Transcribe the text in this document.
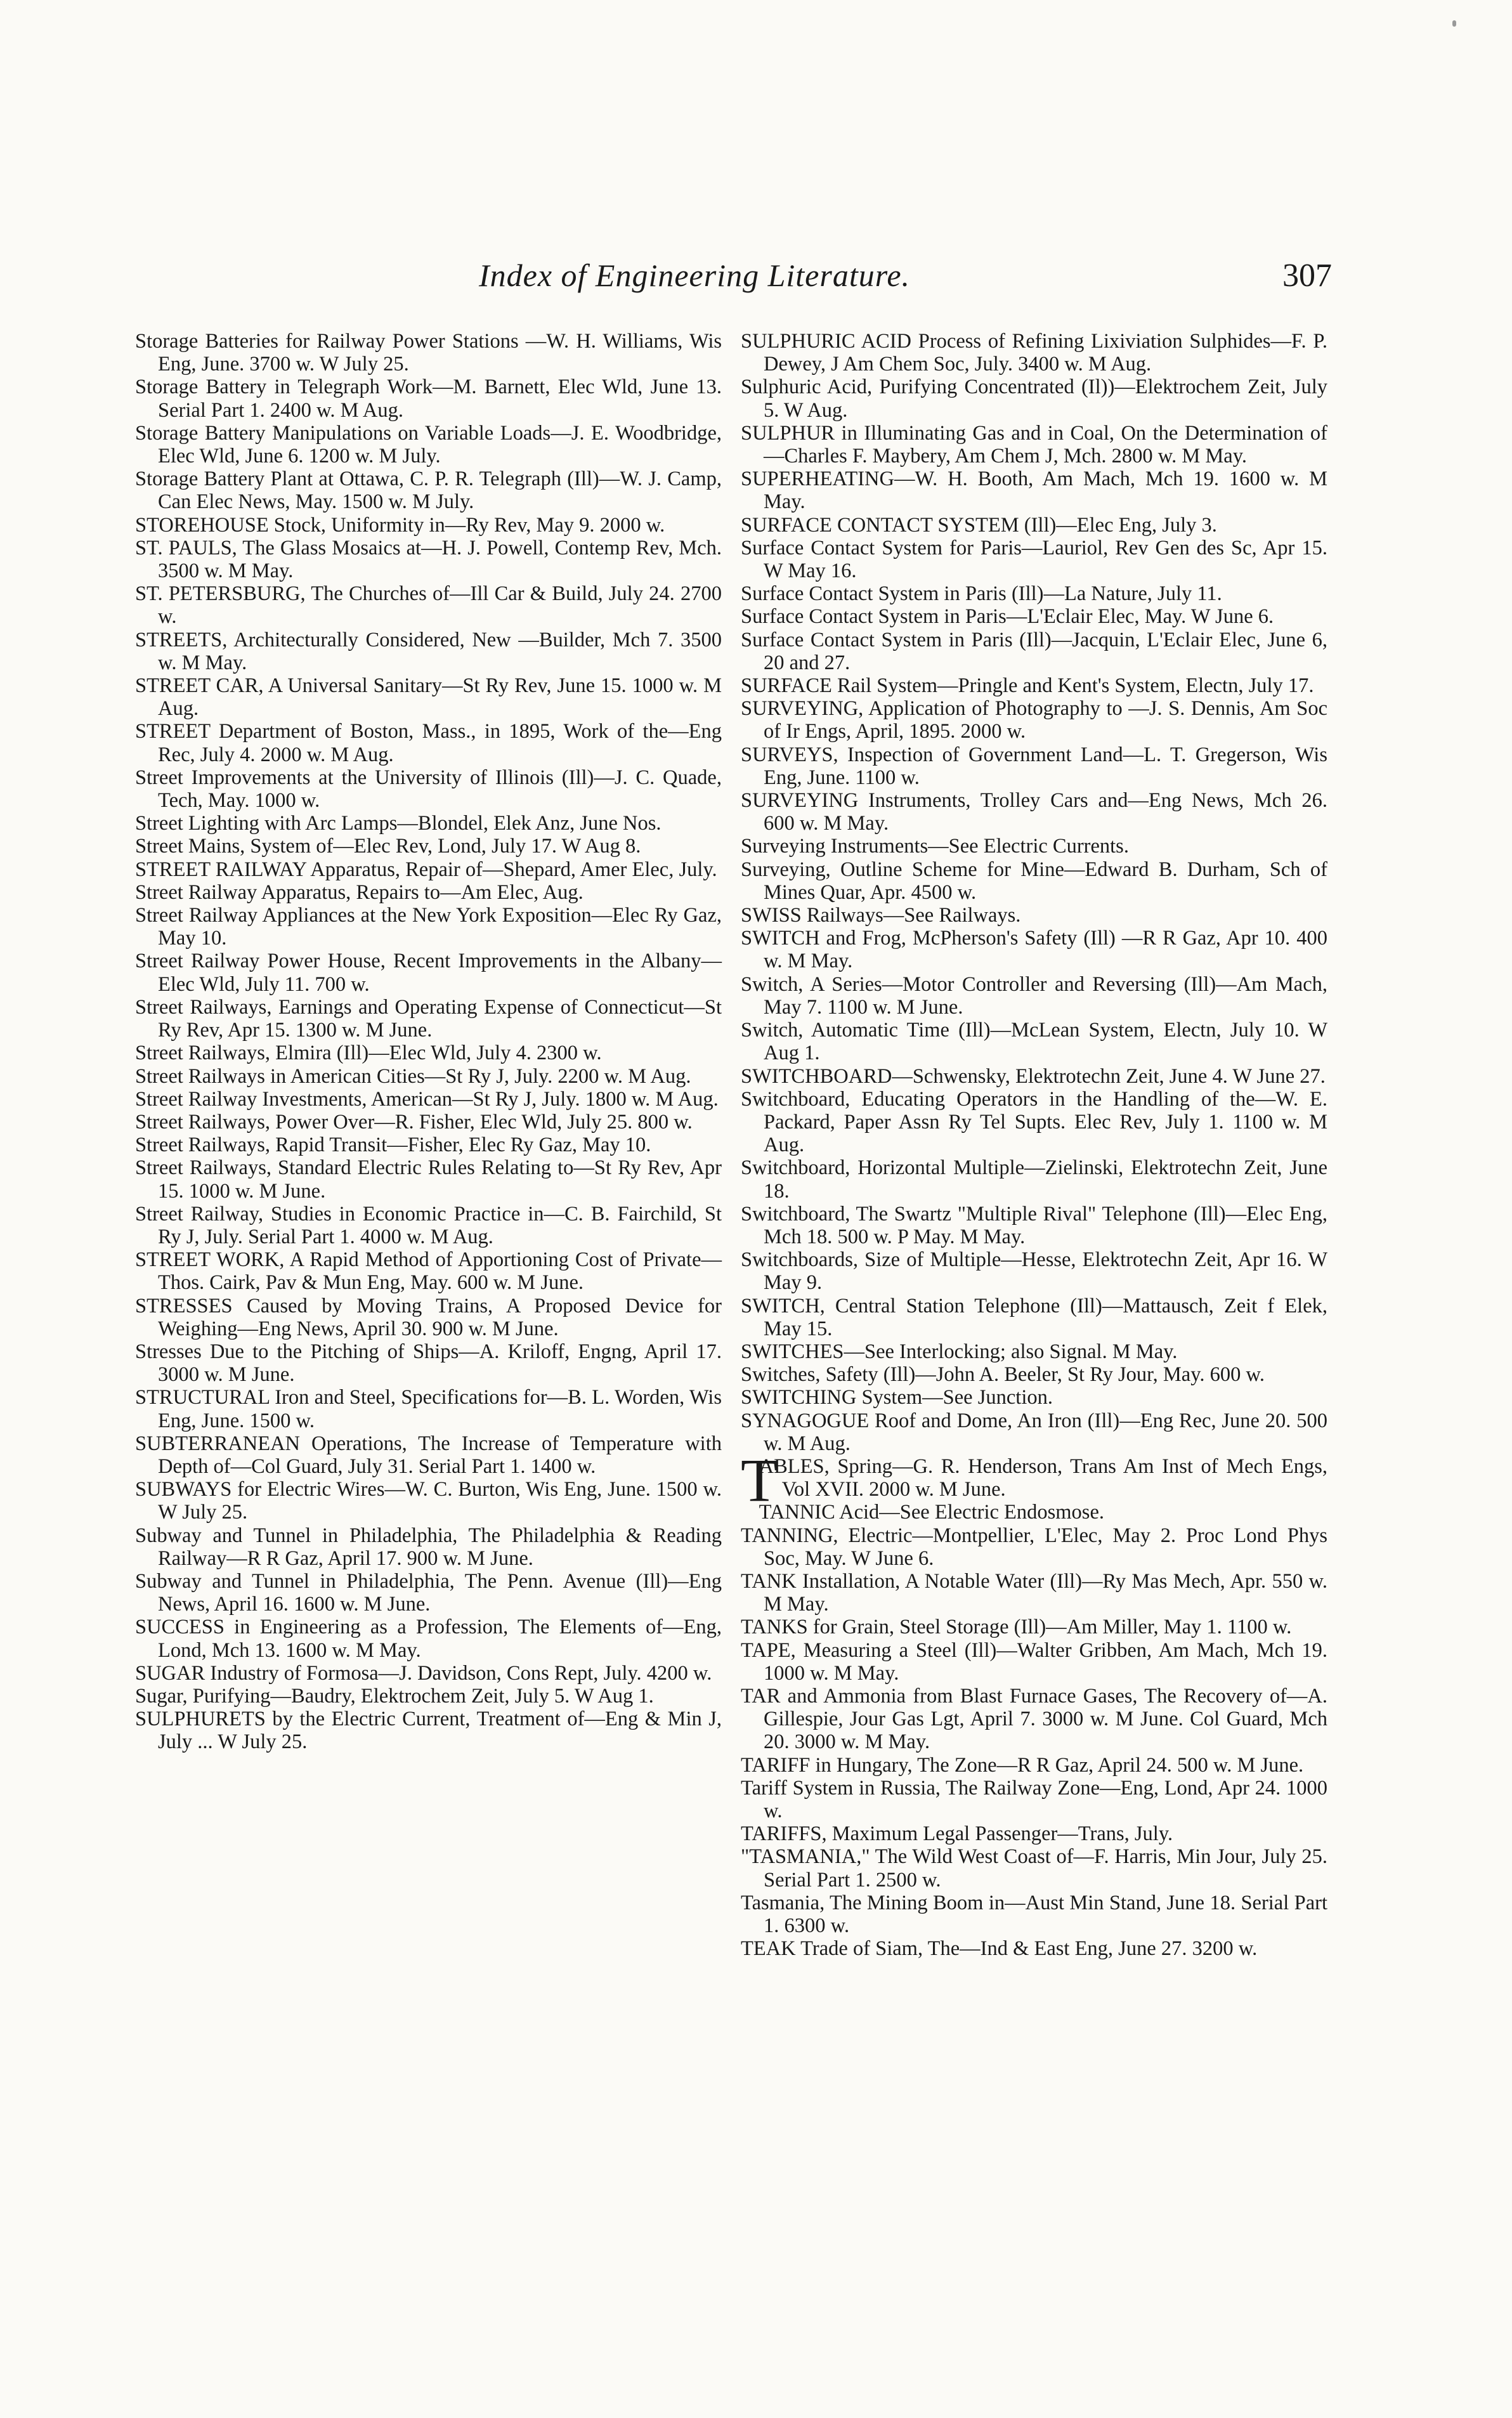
Index of Engineering Literature.	307

Storage Batteries for Railway Power Stations —W. H. Williams, Wis Eng, June. 3700 w. W July 25.

Storage Battery in Telegraph Work—M. Barnett, Elec Wld, June 13. Serial Part 1. 2400 w. M Aug.

Storage Battery Manipulations on Variable Loads—J. E. Woodbridge, Elec Wld, June 6. 1200 w. M July.

Storage Battery Plant at Ottawa, C. P. R. Telegraph (Ill)—W. J. Camp, Can Elec News, May. 1500 w. M July.

STOREHOUSE Stock, Uniformity in—Ry Rev, May 9. 2000 w.

ST. PAULS, The Glass Mosaics at—H. J. Powell, Contemp Rev, Mch. 3500 w. M May.

ST. PETERSBURG, The Churches of—Ill Car & Build, July 24. 2700 w.

STREETS, Architecturally Considered, New —Builder, Mch 7. 3500 w. M May.

STREET CAR, A Universal Sanitary—St Ry Rev, June 15. 1000 w. M Aug.

STREET Department of Boston, Mass., in 1895, Work of the—Eng Rec, July 4. 2000 w. M Aug.

Street Improvements at the University of Illinois (Ill)—J. C. Quade, Tech, May. 1000 w.

Street Lighting with Arc Lamps—Blondel, Elek Anz, June Nos.

Street Mains, System of—Elec Rev, Lond, July 17. W Aug 8.

STREET RAILWAY Apparatus, Repair of—Shepard, Amer Elec, July.

Street Railway Apparatus, Repairs to—Am Elec, Aug.

Street Railway Appliances at the New York Exposition—Elec Ry Gaz, May 10.

Street Railway Power House, Recent Improvements in the Albany—Elec Wld, July 11. 700 w.

Street Railways, Earnings and Operating Expense of Connecticut—St Ry Rev, Apr 15. 1300 w. M June.

Street Railways, Elmira (Ill)—Elec Wld, July 4. 2300 w.

Street Railways in American Cities—St Ry J, July. 2200 w. M Aug.

Street Railway Investments, American—St Ry J, July. 1800 w. M Aug.

Street Railways, Power Over—R. Fisher, Elec Wld, July 25. 800 w.

Street Railways, Rapid Transit—Fisher, Elec Ry Gaz, May 10.

Street Railways, Standard Electric Rules Relating to—St Ry Rev, Apr 15. 1000 w. M June.

Street Railway, Studies in Economic Practice in—C. B. Fairchild, St Ry J, July. Serial Part 1. 4000 w. M Aug.

STREET WORK, A Rapid Method of Apportioning Cost of Private—Thos. Cairk, Pav & Mun Eng, May. 600 w. M June.

STRESSES Caused by Moving Trains, A Proposed Device for Weighing—Eng News, April 30. 900 w. M June.

Stresses Due to the Pitching of Ships—A. Kriloff, Engng, April 17. 3000 w. M June.

STRUCTURAL Iron and Steel, Specifications for—B. L. Worden, Wis Eng, June. 1500 w.

SUBTERRANEAN Operations, The Increase of Temperature with Depth of—Col Guard, July 31. Serial Part 1. 1400 w.

SUBWAYS for Electric Wires—W. C. Burton, Wis Eng, June. 1500 w. W July 25.

Subway and Tunnel in Philadelphia, The Philadelphia & Reading Railway—R R Gaz, April 17. 900 w. M June.

Subway and Tunnel in Philadelphia, The Penn. Avenue (Ill)—Eng News, April 16. 1600 w. M June.

SUCCESS in Engineering as a Profession, The Elements of—Eng, Lond, Mch 13. 1600 w. M May.

SUGAR Industry of Formosa—J. Davidson, Cons Rept, July. 4200 w.

Sugar, Purifying—Baudry, Elektrochem Zeit, July 5. W Aug 1.

SULPHURETS by the Electric Current, Treatment of—Eng & Min J, July ... W July 25.

SULPHURIC ACID Process of Refining Lixiviation Sulphides—F. P. Dewey, J Am Chem Soc, July. 3400 w. M Aug.

Sulphuric Acid, Purifying Concentrated (Il))—Elektrochem Zeit, July 5. W Aug.

SULPHUR in Illuminating Gas and in Coal, On the Determination of—Charles F. Maybery, Am Chem J, Mch. 2800 w. M May.

SUPERHEATING—W. H. Booth, Am Mach, Mch 19. 1600 w. M May.

SURFACE CONTACT SYSTEM (Ill)—Elec Eng, July 3.

Surface Contact System for Paris—Lauriol, Rev Gen des Sc, Apr 15. W May 16.

Surface Contact System in Paris (Ill)—La Nature, July 11.

Surface Contact System in Paris—L'Eclair Elec, May. W June 6.

Surface Contact System in Paris (Ill)—Jacquin, L'Eclair Elec, June 6, 20 and 27.

SURFACE Rail System—Pringle and Kent's System, Electn, July 17.

SURVEYING, Application of Photography to —J. S. Dennis, Am Soc of Ir Engs, April, 1895. 2000 w.

SURVEYS, Inspection of Government Land—L. T. Gregerson, Wis Eng, June. 1100 w.

SURVEYING Instruments, Trolley Cars and—Eng News, Mch 26. 600 w. M May.

Surveying Instruments—See Electric Currents.

Surveying, Outline Scheme for Mine—Edward B. Durham, Sch of Mines Quar, Apr. 4500 w.

SWISS Railways—See Railways.

SWITCH and Frog, McPherson's Safety (Ill) —R R Gaz, Apr 10. 400 w. M May.

Switch, A Series—Motor Controller and Reversing (Ill)—Am Mach, May 7. 1100 w. M June.

Switch, Automatic Time (Ill)—McLean System, Electn, July 10. W Aug 1.

SWITCHBOARD—Schwensky, Elektrotechn Zeit, June 4. W June 27.

Switchboard, Educating Operators in the Handling of the—W. E. Packard, Paper Assn Ry Tel Supts. Elec Rev, July 1. 1100 w. M Aug.

Switchboard, Horizontal Multiple—Zielinski, Elektrotechn Zeit, June 18.

Switchboard, The Swartz "Multiple Rival" Telephone (Ill)—Elec Eng, Mch 18. 500 w. P May. M May.

Switchboards, Size of Multiple—Hesse, Elektrotechn Zeit, Apr 16. W May 9.

SWITCH, Central Station Telephone (Ill)—Mattausch, Zeit f Elek, May 15.

SWITCHES—See Interlocking; also Signal. M May.

Switches, Safety (Ill)—John A. Beeler, St Ry Jour, May. 600 w.

SWITCHING System—See Junction.

SYNAGOGUE Roof and Dome, An Iron (Ill)—Eng Rec, June 20. 500 w. M Aug.

TABLES, Spring—G. R. Henderson, Trans Am Inst of Mech Engs, Vol XVII. 2000 w. M June.

TANNIC Acid—See Electric Endosmose.

TANNING, Electric—Montpellier, L'Elec, May 2. Proc Lond Phys Soc, May. W June 6.

TANK Installation, A Notable Water (Ill)—Ry Mas Mech, Apr. 550 w. M May.

TANKS for Grain, Steel Storage (Ill)—Am Miller, May 1. 1100 w.

TAPE, Measuring a Steel (Ill)—Walter Gribben, Am Mach, Mch 19. 1000 w. M May.

TAR and Ammonia from Blast Furnace Gases, The Recovery of—A. Gillespie, Jour Gas Lgt, April 7. 3000 w. M June. Col Guard, Mch 20. 3000 w. M May.

TARIFF in Hungary, The Zone—R R Gaz, April 24. 500 w. M June.

Tariff System in Russia, The Railway Zone—Eng, Lond, Apr 24. 1000 w.

TARIFFS, Maximum Legal Passenger—Trans, July.

"TASMANIA," The Wild West Coast of—F. Harris, Min Jour, July 25. Serial Part 1. 2500 w.

Tasmania, The Mining Boom in—Aust Min Stand, June 18. Serial Part 1. 6300 w.

TEAK Trade of Siam, The—Ind & East Eng, June 27. 3200 w.
